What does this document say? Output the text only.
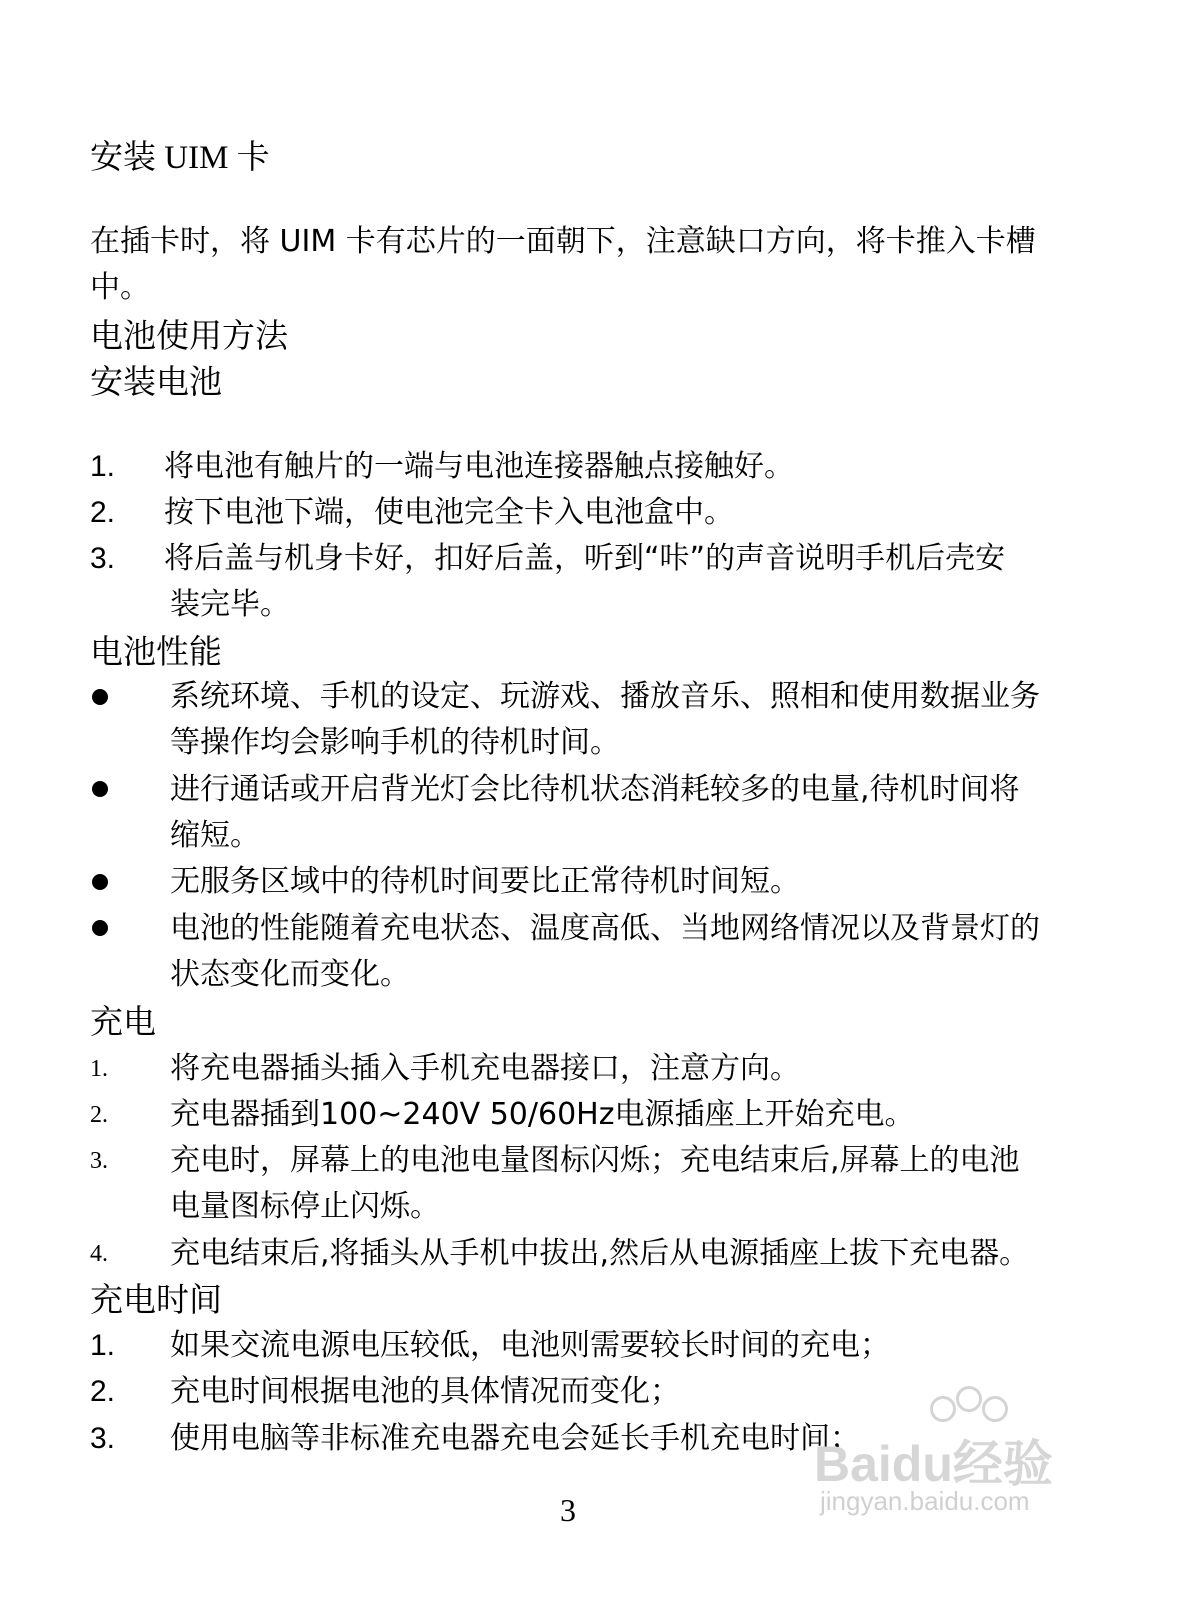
安装 UIM 卡
在插卡时，将 UIM 卡有芯片的一面朝下，注意缺口方向，将卡推入卡槽
中。
电池使用方法
安装电池
1. 将电池有触片的一端与电池连接器触点接触好。
2. 按下电池下端，使电池完全卡入电池盒中。
3. 将后盖与机身卡好，扣好后盖，听到“咔”的声音说明手机后壳安
装完毕。
电池性能
系统环境、手机的设定、玩游戏、播放音乐、照相和使用数据业务
等操作均会影响手机的待机时间。
进行通话或开启背光灯会比待机状态消耗较多的电量,待机时间将
缩短。
无服务区域中的待机时间要比正常待机时间短。
电池的性能随着充电状态、温度高低、当地网络情况以及背景灯的
状态变化而变化。
充电
1. 将充电器插头插入手机充电器接口，注意方向。
2. 充电器插到100~240V 50/60Hz电源插座上开始充电。
3. 充电时，屏幕上的电池电量图标闪烁；充电结束后,屏幕上的电池
电量图标停止闪烁。
4. 充电结束后,将插头从手机中拔出,然后从电源插座上拔下充电器。
充电时间
1. 如果交流电源电压较低，电池则需要较长时间的充电；
2. 充电时间根据电池的具体情况而变化；
3. 使用电脑等非标准充电器充电会延长手机充电时间；
3
Baidu经验
jingyan.baidu.com
